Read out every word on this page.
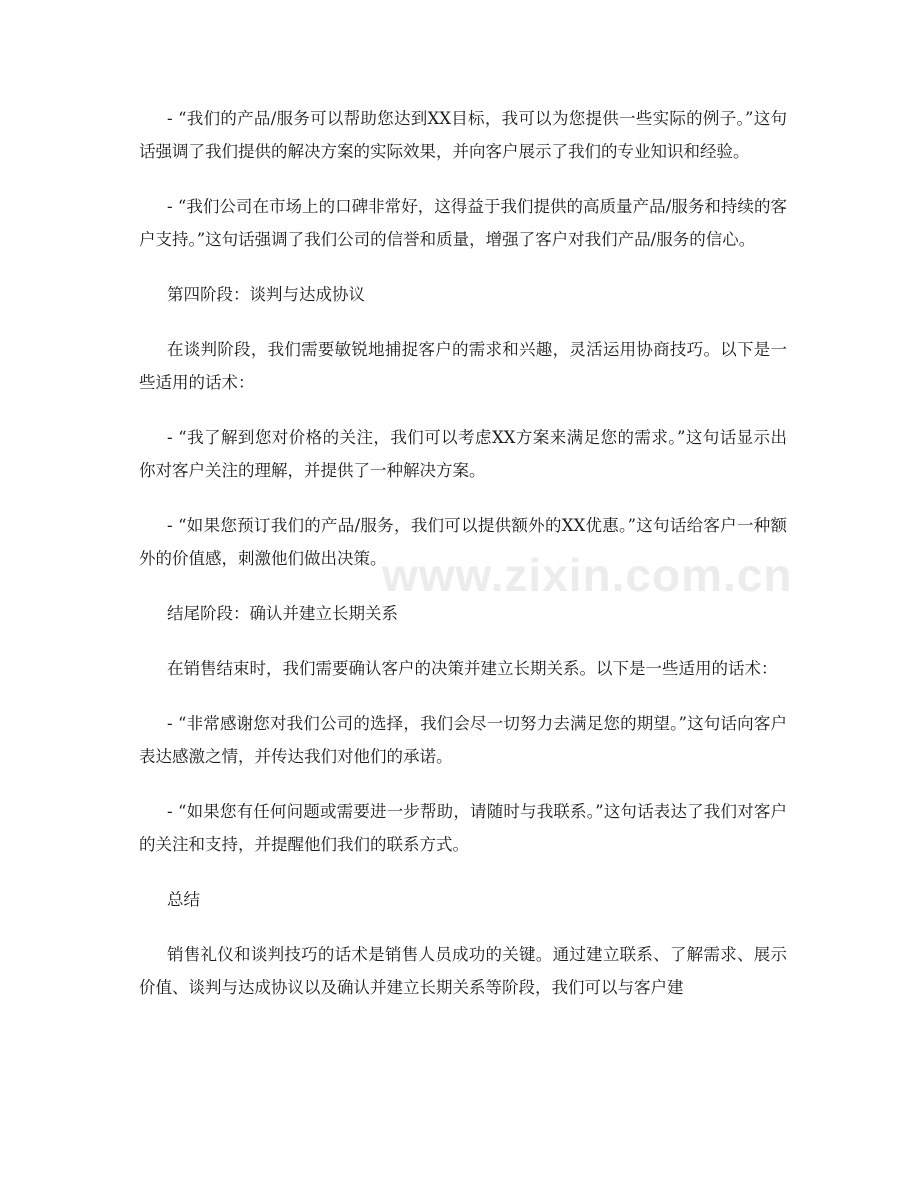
- “我们的产品/服务可以帮助您达到XX目标，我可以为您提供一些实际的例子。”这句话强调了我们提供的解决方案的实际效果，并向客户展示了我们的专业知识和经验。

- “我们公司在市场上的口碑非常好，这得益于我们提供的高质量产品/服务和持续的客户支持。”这句话强调了我们公司的信誉和质量，增强了客户对我们产品/服务的信心。

第四阶段：谈判与达成协议

在谈判阶段，我们需要敏锐地捕捉客户的需求和兴趣，灵活运用协商技巧。以下是一些适用的话术：

- “我了解到您对价格的关注，我们可以考虑XX方案来满足您的需求。”这句话显示出你对客户关注的理解，并提供了一种解决方案。

- “如果您预订我们的产品/服务，我们可以提供额外的XX优惠。”这句话给客户一种额外的价值感，刺激他们做出决策。

结尾阶段：确认并建立长期关系

在销售结束时，我们需要确认客户的决策并建立长期关系。以下是一些适用的话术：

- “非常感谢您对我们公司的选择，我们会尽一切努力去满足您的期望。”这句话向客户表达感激之情，并传达我们对他们的承诺。

- “如果您有任何问题或需要进一步帮助，请随时与我联系。”这句话表达了我们对客户的关注和支持，并提醒他们我们的联系方式。

总结

销售礼仪和谈判技巧的话术是销售人员成功的关键。通过建立联系、了解需求、展示价值、谈判与达成协议以及确认并建立长期关系等阶段，我们可以与客户建

www.zixin.com.cn
